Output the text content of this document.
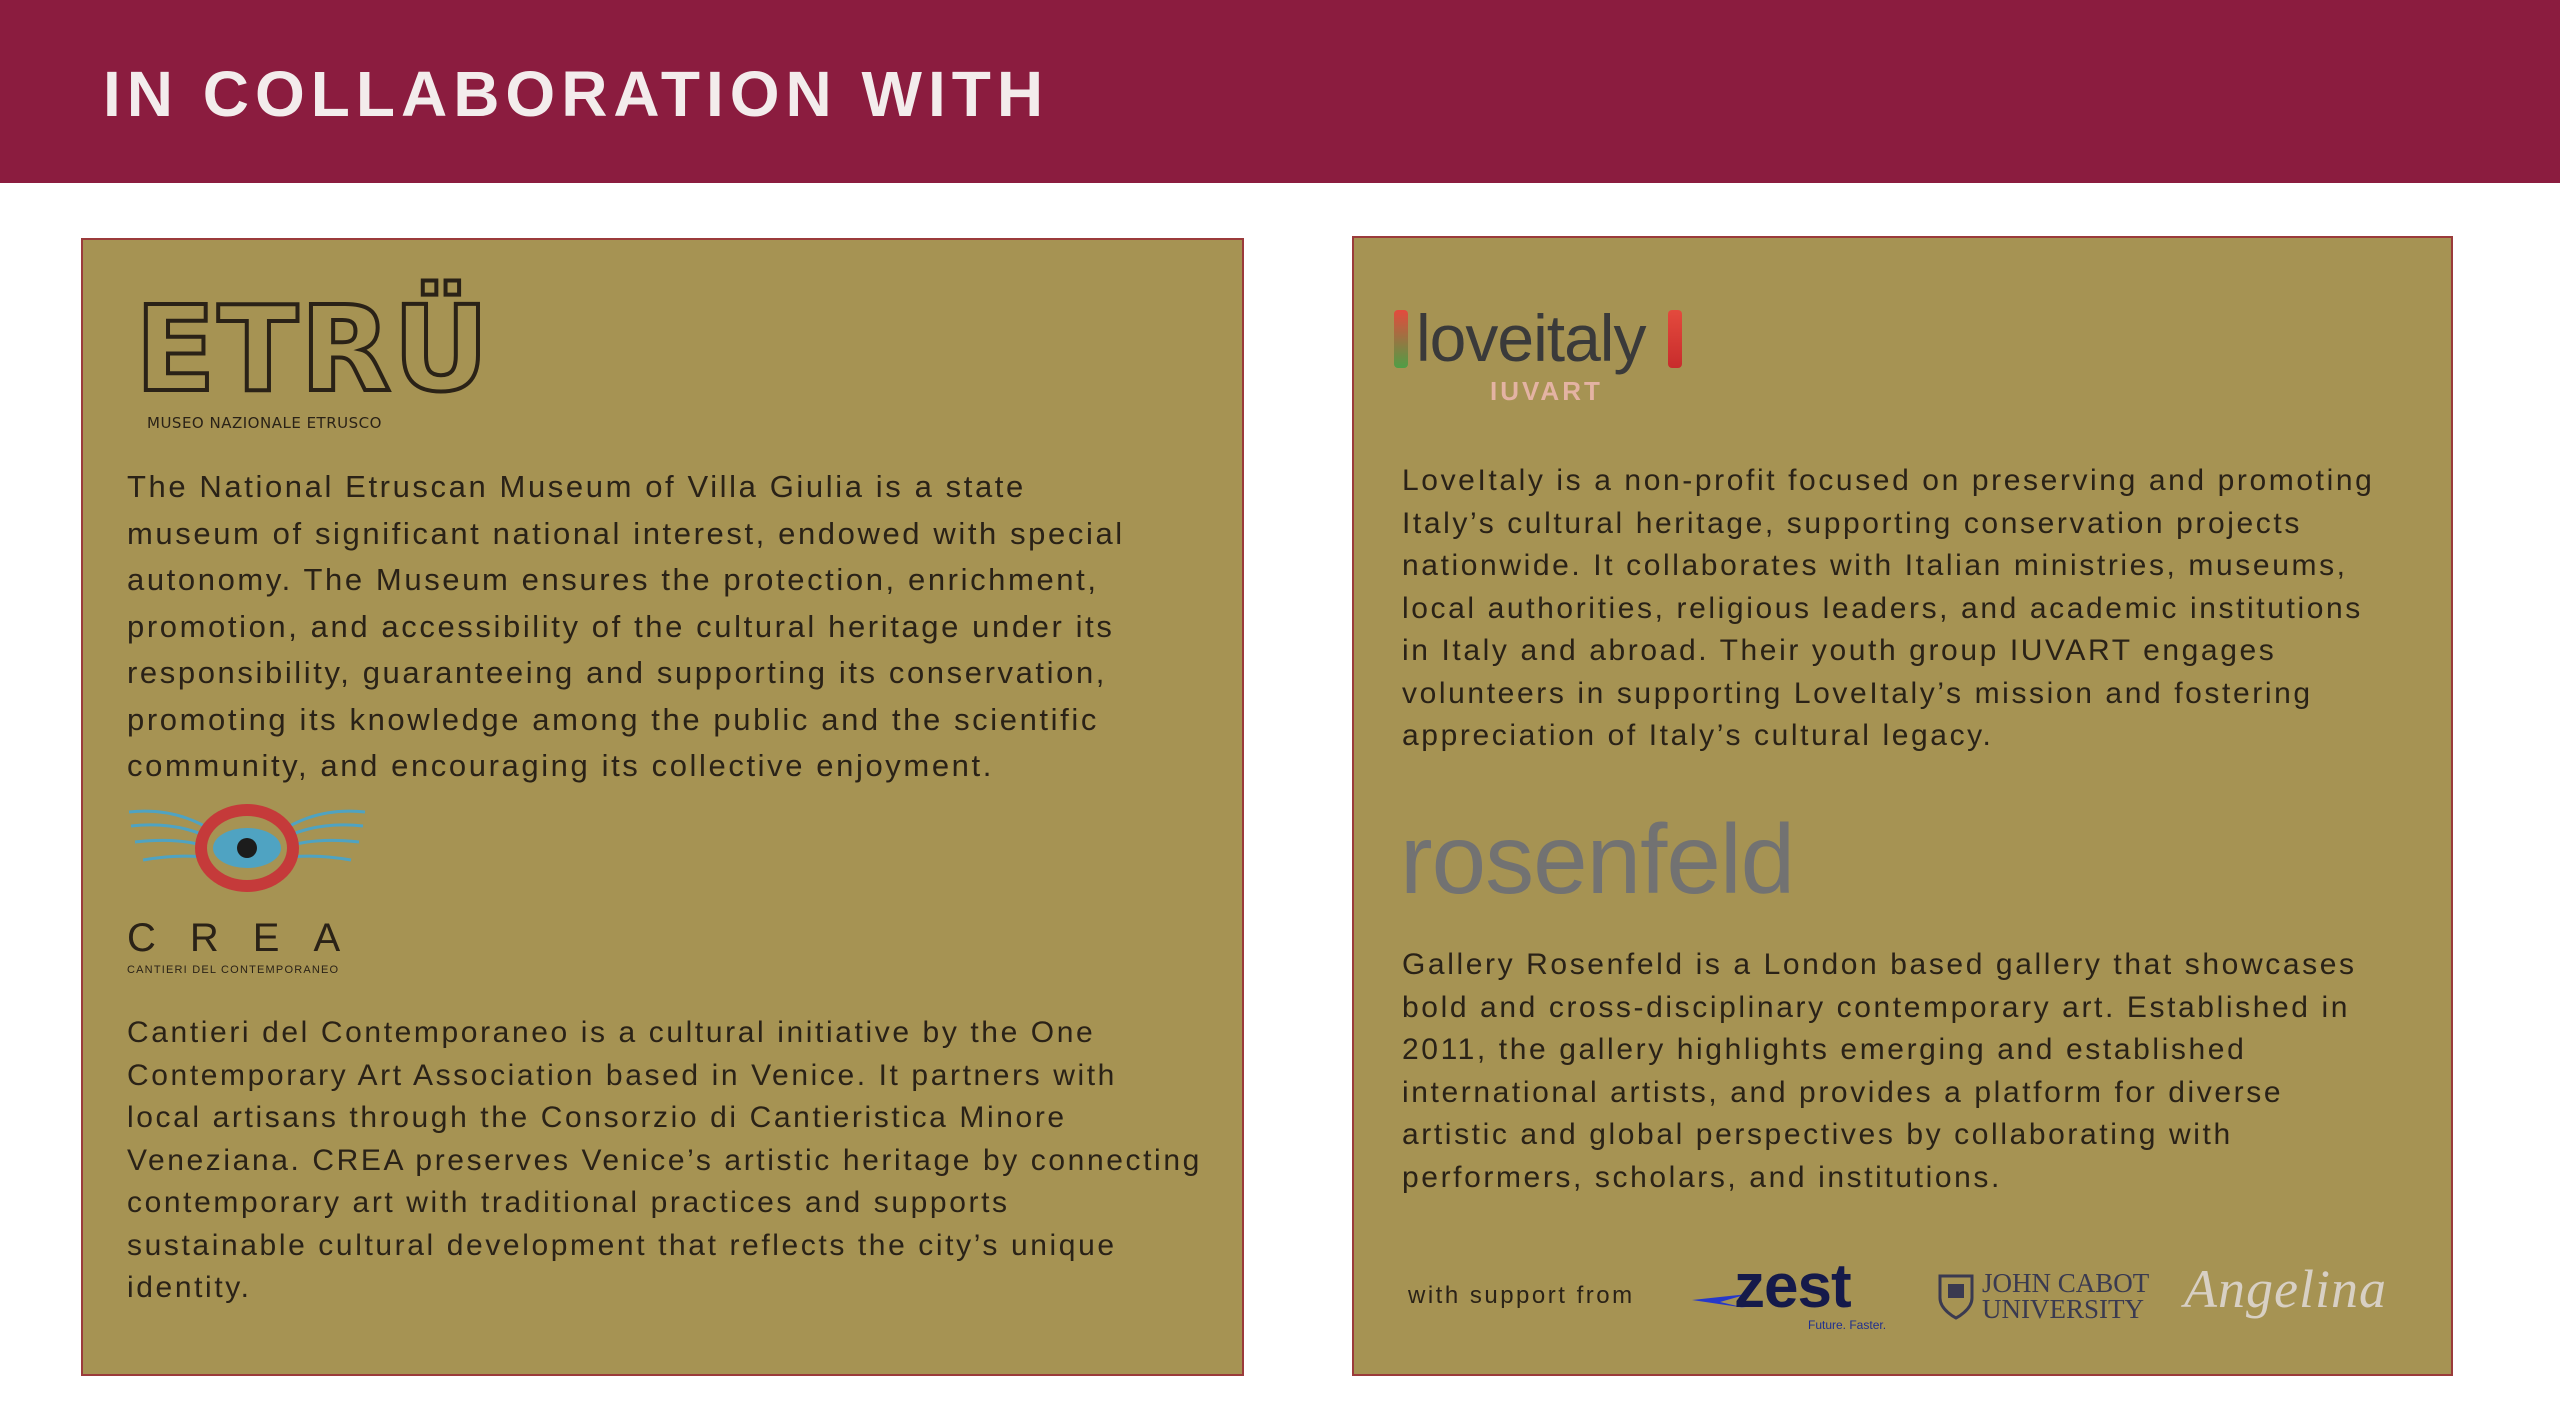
IN COLLABORATION WITH
ETRÜ
MUSEO NAZIONALE ETRUSCO

The National Etruscan Museum of Villa Giulia is a state
museum of significant national interest, endowed with special
autonomy. The Museum ensures the protection, enrichment,
promotion, and accessibility of the cultural heritage under its
responsibility, guaranteeing and supporting its conservation,
promoting its knowledge among the public and the scientific
community, and encouraging its collective enjoyment.

CREA
CANTIERI DEL CONTEMPORANEO

Cantieri del Contemporaneo is a cultural initiative by the One
Contemporary Art Association based in Venice. It partners with
local artisans through the Consorzio di Cantieristica Minore
Veneziana. CREA preserves Venice’s artistic heritage by connecting
contemporary art with traditional practices and supports
sustainable cultural development that reflects the city’s unique
identity.

loveitaly
IUVART

LoveItaly is a non-profit focused on preserving and promoting
Italy’s cultural heritage, supporting conservation projects
nationwide. It collaborates with Italian ministries, museums,
local authorities, religious leaders, and academic institutions
in Italy and abroad. Their youth group IUVART engages
volunteers in supporting LoveItaly’s mission and fostering
appreciation of Italy’s cultural legacy.

rosenfeld

Gallery Rosenfeld is a London based gallery that showcases
bold and cross-disciplinary contemporary art. Established in
2011, the gallery highlights emerging and established
international artists, and provides a platform for diverse
artistic and global perspectives by collaborating with
performers, scholars, and institutions.

with support from zest
Future. Faster.
JOHN CABOT
UNIVERSITY Angelina
